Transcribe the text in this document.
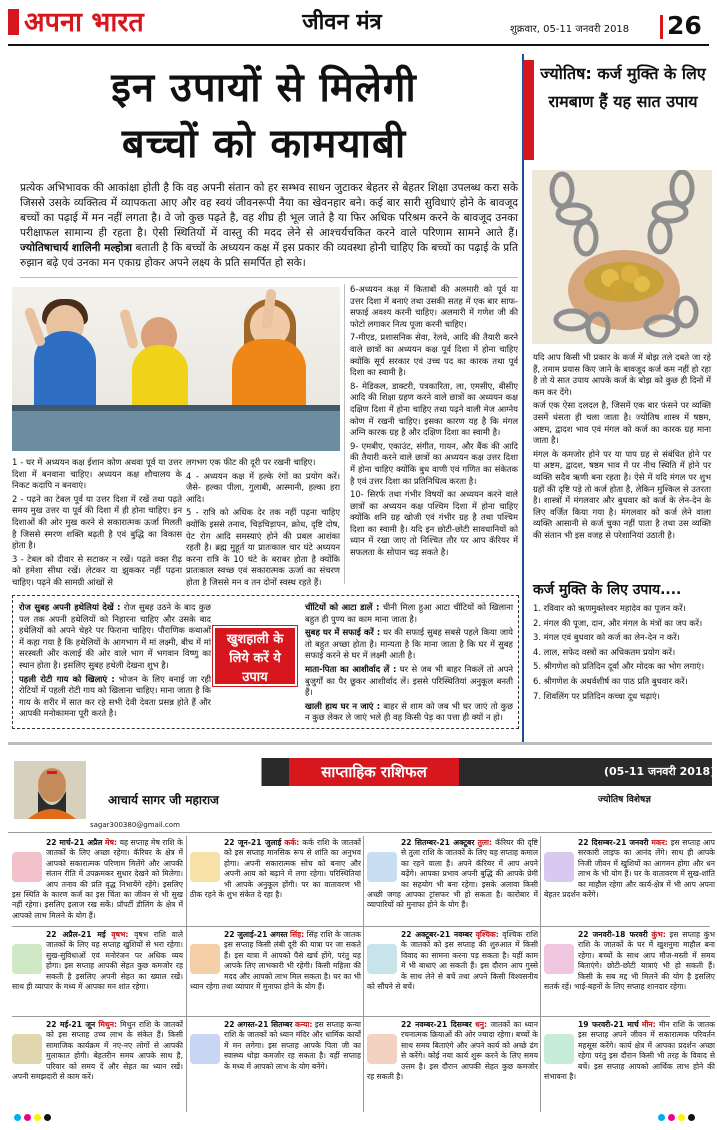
अपना भारत	जीवन मंत्र	शुक्रवार, 05-11 जनवरी 2018 26
इन उपायों से मिलेगी
बच्चों को कामयाबी
प्रत्येक अभिभावक की आकांक्षा होती है कि वह अपनी संतान को हर सम्भव साधन जुटाकर बेहतर से बेहतर शिक्षा उपलब्ध करा सके जिससे उसके व्यक्तित्व में व्यापकता आए और वह स्वयं जीवनरूपी नैया का खेवनहार बने। कई बार सारी सुविधाएं होने के बावजूद बच्चों का पढ़ाई में मन नहीं लगता है। वे जो कुछ पढ़ते है, वह शीघ्र ही भूल जाते है या फिर अधिक परिश्रम करने के बावजूद उनका परीक्षाफल सामान्य ही रहता है। ऐसी स्थितियों में वास्तु की मदद लेने से आश्चर्यचकित करने वाले परिणाम सामने आते हैं। ज्योतिषाचार्य शालिनी मल्होत्रा बताती है कि बच्चों के अध्ययन कक्ष में इस प्रकार की व्यवस्था होनी चाहिए कि बच्चों का पढ़ाई के प्रति रुझान बढ़े एवं उनका मन एकाग्र होकर अपने लक्ष्य के प्रति समर्पित हो सके।

1 - घर में अध्ययन कक्ष ईशान कोण अथवा पूर्व या उत्तर दिशा में बनवाना चाहिए। अध्ययन कक्ष शौचालय के निकट कदापि न बनवाएं।

2 - पढ़ने का टेबल पूर्व या उत्तर दिशा में रखें तथा पढ़ते समय मुख उत्तर या पूर्व की दिशा में ही होना चाहिए। इन दिशाओं की ओर मुख करने से सकारात्मक ऊर्जा मिलती है जिससे स्मरण शक्ति बढ़ती है एवं बुद्धि का विकास होता है।

3 - टेबल को दीवार से सटाकर न रखें। पढ़ते वक्त रीढ़ को हमेशा सीधा रखें। लेटकर या झुककर नहीं पढ़ना चाहिए। पढ़ने की सामग्री आंखों से

लगभग एक फीट की दूरी पर रखनी चाहिए।

4 - अध्ययन कक्ष में हल्के रंगों का प्रयोग करें। जैसे- हल्का पीला, गुलाबी, आस्मानी, हल्का हरा आदि।

5 - रात्रि को अधिक देर तक नहीं पढ़ना चाहिए क्योंकि इससे तनाव, चिड़चिड़ापन, क्रोध, दृष्टि दोष, पेट रोग आदि समस्याएं होने की प्रबल आशंका रहती है। ब्रह्म मुहूर्त या प्रातःकाल चार घंटे अध्ययन करना रात्रि के 10 घंटे के बराबर होता है क्योंकि प्रातःकाल स्वच्छ एवं सकारात्मक ऊर्जा का संचरण होता है जिससे मन व तन दोनों स्वस्थ रहते हैं।

6-अध्ययन कक्ष में किताबों की अलमारी को पूर्व या उत्तर दिशा में बनाएं तथा उसकी सतह में एक बार साफ-सफाई अवश्य करनी चाहिए। अलमारी में गणेश जी की फोटो लगाकर नित्य पूजा करनी चाहिए।

7-मीएड, प्रशासनिक सेवा, रेलवे, आदि की तैयारी करने वाले छात्रों का अध्ययन कक्ष पूर्व दिशा में होना चाहिए क्योंकि सूर्य सरकार एवं उच्च पद का कारक तथा पूर्व दिशा का स्वामी है।

8- मेडिकल, डाक्टरी, पत्रकारिता, ला, एमसीए, बीसीए आदि की शिक्षा ग्रहण करने वाले छात्रों का अध्ययन कक्ष दक्षिण दिशा में होना चाहिए तथा पढ़ने वाली मेज आग्नेय कोण में रखनी चाहिए। इसका कारण यह है कि मंगल अग्नि कारक ग्रह है और दक्षिण दिशा का स्वामी है।

9- एमबीए, एकाउंट, संगीत, गायन, और बैंक की आदि की तैयारी करने वाले छात्रों का अध्ययन कक्ष उत्तर दिशा में होना चाहिए क्योंकि बुध वाणी एवं गणित का संकेतक है एवं उत्तर दिशा का प्रतिनिधित्व करता है।

10- सिरर्फ तथा गंभीर विषयों का अध्ययन करने वाले छात्रों का अध्ययन कक्ष पश्चिम दिशा में होना चाहिए क्योंकि शनि ग्रह खोजी एवं गंभीर ग्रह है तथा पश्चिम दिशा का स्वामी है। यदि इन छोटी-छोटी सावधानियों को ध्यान में रखा जाए तो निश्चित तौर पर आप कॅरियर में सफलता के सोपान चढ़ सकते है।

रोज सुबह अपनी हथेलियां देखें : रोज सुबह उठने के बाद कुछ पल तक अपनी हथेलियों को निहारना चाहिए और उसके बाद हथेलियों को अपने चेहरे पर फिराना चाहिए। पौराणिक कथाओं में कहा गया है कि हथेलियों के आगभाग में मां लक्ष्मी, बीच में मां सरस्वती और कलाई की ओर वाले भाग में भगवान विष्णु का स्थान होता है। इसलिए सुबह हथेली देखना शुभ है।

पहली रोटी गाय को खिलाएं : भोजन के लिए बनाई जा रही रोटियों में पहली रोटी गाय को खिलाना चाहिए। माना जाता है कि गाय के शरीर में सात कर रहे सभी देवी देवता प्रसन्न होते हैं और आपकी मनोकामना पूरी करते है।

खुशहाली के लिये करें ये उपाय

चींटियों को आटा डालें : चीनी मिला हुआ आटा चींटियों को खिलाना बहुत ही पुण्य का काम माना जाता है।

सुबह घर में सफाई करें : घर की सफाई सुबह सबसे पहले किया जाये तो बहुत अच्छा होता है। मान्यता है कि माना जाता है कि घर में सुबह सफाई करने से घर में लक्ष्मी आती है।

माता-पिता का आशीर्वाद लें : घर से जब भी बाहर निकलें तो अपने बुजुर्गों का पैर छूकर आशीर्वाद लें। इससे परिस्थितियां अनुकूल बनती हैं।

खाली हाथ घर न जाएं : बाहर से शाम को जब भी घर जाएं तो कुछ न कुछ लेकर ले जाएं भले ही वह किसी पेड़ का पत्ता ही क्यों न हो।

ज्योतिष: कर्ज मुक्ति के लिए रामबाण हैं यह सात उपाय

यदि आप किसी भी प्रकार के कर्ज में बोझ तले दबते जा रहे हैं, तमाम प्रयास किए जाने के बावजूद कर्ज कम नहीं हो रहा है तो ये सात उपाय आपके कर्ज के बोझ को कुछ ही दिनों में कम कर देंगे।

कर्ज एक ऐसा दलदल है, जिसमें एक बार फंसने पर व्यक्ति उसमें धंसता ही चला जाता है। ज्योतिष शास्त्र में षष्ठम, अष्टम, द्वादश भाव एवं मंगल को कर्ज का कारक ग्रह माना जाता है।

मंगल के कमजोर होने पर या पाप ग्रह से संबंधित होने पर या अष्टम, द्वादश, षष्ठम भाव में पर नीच स्थिति में होने पर व्यक्ति सदैव ऋणी बना रहता है। ऐसे में यदि मंगल पर शुभ ग्रहों की दृष्टि पड़े तो कर्ज होता है, लेकिन मुश्किल से उतरता है। शास्त्रों में मंगलवार और बुधवार को कर्ज के लेन-देन के लिए वर्जित किया गया है। मंगलवार को कर्ज लेने वाला व्यक्ति आसानी से कर्ज चुका नहीं पाता है तथा उस व्यक्ति की संतान भी इस वजह से परेशानियां उठाती है।

कर्ज मुक्ति के लिए उपाय....

1. रविवार को ऋणमुक्तेश्वर महादेव का पूजन करें।

2. मंगल की पूजा, दान, और मंगल के मंत्रों का जप करें।

3. मंगल एवं बुधवार को कर्ज का लेन-देन न करें।

4. लाल, सफेद वस्त्रों का अधिकतम प्रयोग करें।

5. श्रीगणेश को प्रतिदिन दूर्वा और मोदक का भोग लगाएं।

6. श्रीगणेश के अथर्वशीर्ष का पाठ प्रति बुधवार करें।

7. शिवलिंग पर प्रतिदिन कच्चा दूध चढ़ाएं।

साप्ताहिक राशिफल	(05-11 जनवरी 2018)
आचार्य सागर जी महाराज	ज्योतिष विशेषज्ञ
sagar300380@gmail.com
22 मार्च-21 अप्रैल मेष: यह सप्ताह मेष राशि के जातकों के लिए अच्छा रहेगा। कॅरियर के क्षेत्र में आपको सकारात्मक परिणाम मिलेंगे और आपकी संतान रीति में उपक्रमकर सुधार देखने को मिलेगा। आप तनाव की प्रति वृद्ध निभायेंगे रहेंगे। इसलिए इस स्थिति के कारण कर्ज का इस चिंता का जीवन से भी सुख नहीं रहेगा। इसलिए इलाज रख सकें। प्रॉपर्टी डीलिंग के क्षेत्र में आपको लाभ मिलने के योग हैं।
22 जून-21 जुलाई कर्क: कर्क राशि के जातकों को इस सप्ताह मानसिक रूप से शांति का अनुभव होगा। अपनी सकारात्मक सोच को बनाए और अपनी आय को बढ़ाने में लगा रहेगा। परिस्थितियां भी आपके अनुकूल होंगी। पर का वातावरण भी ठीक रहने के शुभ संकेत दे रहा है।
22 सितम्बर-21 अक्टूबर तुला: कॅरियर की दृष्टि से तुला राशि के जातकों के लिए यह सप्ताह कमाल का रहने वाला है। अपने कॅरियर में आप अपने बढ़ेंगे। आपका प्रभाव अपनी बुद्धि की आपके प्रेमी का सहयोग भी बना रहेगा। इसके अलावा किसी अच्छी जगह आपका ट्रांसफर भी हो सकता है। कारोबार में व्यापारियों को मुनाफा होने के योग हैं।
22 दिसम्बर-21 जनवरी मकर: इस सप्ताह आप सरकारी लाइफ का आनंद लेंगे। साथ ही आपके निजी जीवन में खुशियों का आगमन होगा और धन लाभ के भी योग हैं। घर के वातावरण में सुख-शांति का माहौल रहेगा और कार्य-क्षेत्र में भी आप अपना बेहतर प्रदर्शन करेंगे।
22 अप्रैल-21 मई वृषभ: वृषभ राशि वाले जातकों के लिए यह सप्ताह खुशियों से भरा रहेगा। सुख-सुविधाओं एवं मनोरंजन पर अधिक व्यय होगा। इस सप्ताह आपकी सेहत कुछ कमजोर रह सकती है इसलिए अपनी सेहत का ख्याल रखें। साथ ही व्यापार के मध्य में आपका मन शांत रहेगा।
22 जुलाई-21 अगस्त सिंह: सिंह राशि के जातक इस सप्ताह किसी लंबी दूरी की यात्रा पर जा सकते हैं। इस यात्रा में आपको पैसे खर्च होंगे, परंतु यह आपके लिए लाभकारी भी रहेगी। किसी महिला की मदद और आपको लाभ मिल सकता है। घर का भी ध्यान रहेगा तथा व्यापार में मुनाफा होने के योग हैं।
22 अक्टूबर-21 नवम्बर वृश्चिक: वृश्चिक राशि के जातकों को इस सप्ताह की शुरुआत में किसी विवाद का सामना करना पड़ सकता है। यहीं काम में भी बाधाएं आ सकती हैं। इस दौरान आप गुस्से के साथ लेने से बचें तथा अपने किसी विश्वसनीय को सौंपने से बचें।
22 जनवरी-18 फरवरी कुंभ: इस सप्ताह कुंभ राशि के जातकों के घर में खुशनुमा माहौल बना रहेगा। बच्चों के साथ आप मौज-मस्ती में समय बिताएंगे। छोटी-छोटी यात्राएं भी हो सकती हैं। किसी के सब मद्द भी मिलने की योग है इसलिए सतर्क रहें। भाई-बहनों के लिए सप्ताह शानदार रहेगा।
22 मई-21 जून मिथुन: मिथुन राशि के जातकों को इस सप्ताह उच्च लाभ के संकेत हैं। किसी सामाजिक कार्यक्रम में नए-नए लोगों से आपकी मुलाकात होगी। बेहतरीन समय आपके साथ है, परिवार को समय दें और सेहत का ध्यान रखें। अपनी समझदारी से काम करें।
22 अगस्त-21 सितम्बर कन्या: इस सप्ताह कन्या राशि के जातकों को ध्यान मंदिर और धार्मिक कार्यों में मन लगेगा। इस सप्ताह आपके पिता जी का स्वास्थ्य थोड़ा कमजोर रह सकता है। वहीं सप्ताह के मध्य में आपको लाभ के योग बनेंगे।
22 नवम्बर-21 दिसम्बर धनु: जातकों का ध्यान रचनात्मक क्रियाओं की ओर ज्यादा रहेगा। बच्चों के साथ समय बिताएंगे और अपने कार्य को अच्छे ढंग से करेंगे। कोई नया कार्य शुरू करने के लिए समय उत्तम है। इस दौरान आपकी सेहत कुछ कमजोर रह सकती है।
19 फरवरी-21 मार्च मीन: मीन राशि के जातक इस सप्ताह अपने जीवन में सकारात्मक परिवर्तन महसूस करेंगे। कार्य क्षेत्र में आपका प्रदर्शन अच्छा रहेगा परंतु इस दौरान किसी भी तरह के विवाद से बचें। इस सप्ताह आपको आर्थिक लाभ होने की संभावना है।
